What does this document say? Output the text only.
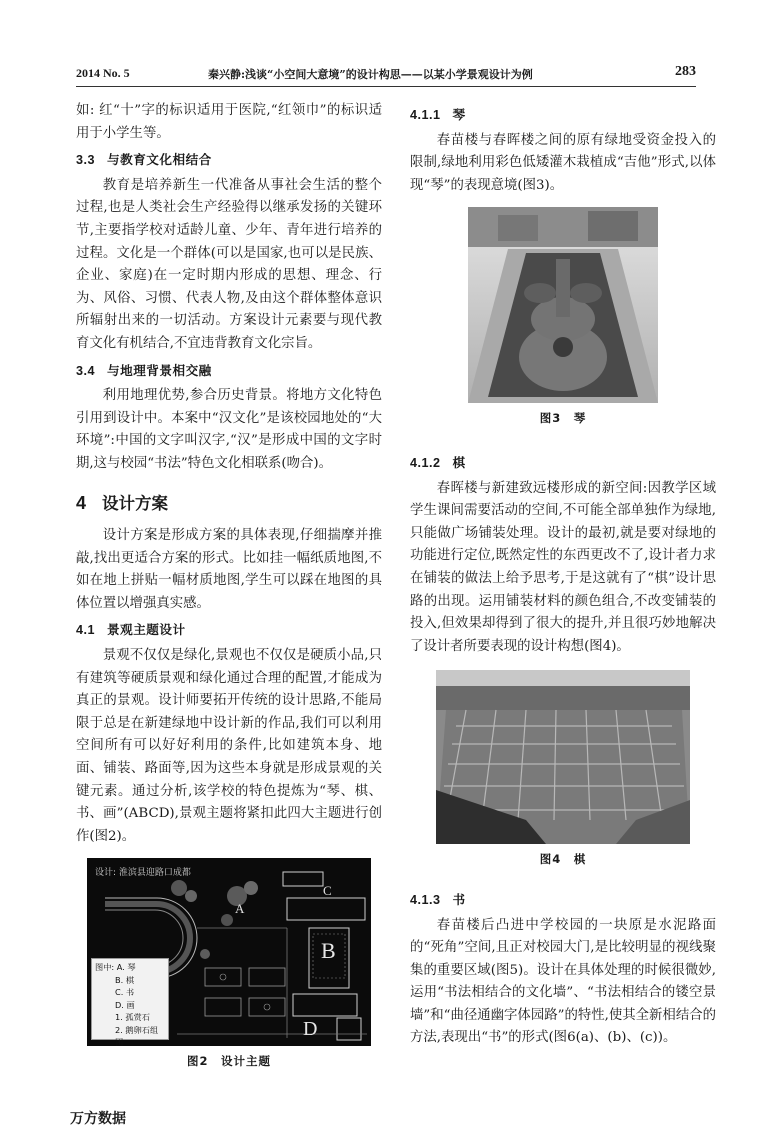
2014 No. 5	秦兴静:浅谈“小空间大意境”的设计构思——以某小学景观设计为例	283

如: 红“十”字的标识适用于医院,“红领巾”的标识适用于小学生等。

3.3 与教育文化相结合

教育是培养新生一代准备从事社会生活的整个过程,也是人类社会生产经验得以继承发扬的关键环节,主要指学校对适龄儿童、少年、青年进行培养的过程。文化是一个群体(可以是国家,也可以是民族、企业、家庭)在一定时期内形成的思想、理念、行为、风俗、习惯、代表人物,及由这个群体整体意识所辐射出来的一切活动。方案设计元素要与现代教育文化有机结合,不宜违背教育文化宗旨。

3.4 与地理背景相交融

利用地理优势,参合历史背景。将地方文化特色引用到设计中。本案中“汉文化”是该校园地处的“大环境”:中国的文字叫汉字,“汉”是形成中国的文字时期,这与校园“书法”特色文化相联系(吻合)。

4 设计方案

设计方案是形成方案的具体表现,仔细揣摩并推敲,找出更适合方案的形式。比如挂一幅纸质地图,不如在地上拼贴一幅材质地图,学生可以踩在地图的具体位置以增强真实感。

4.1 景观主题设计

景观不仅仅是绿化,景观也不仅仅是硬质小品,只有建筑等硬质景观和绿化通过合理的配置,才能成为真正的景观。设计师要拓开传统的设计思路,不能局限于总是在新建绿地中设计新的作品,我们可以利用空间所有可以好好利用的条件,比如建筑本身、地面、铺装、路面等,因为这些本身就是形成景观的关键元素。通过分析,该学校的特色提炼为“琴、棋、书、画”(ABCD),景观主题将紧扣此四大主题进行创作(图2)。

设计: 淮滨县迎路口成都
A
B
C
D
图中: A. 琴
B. 棋
C. 书
D. 画
1. 孤赏石
2. 鹅卵石组团
图2　设计主题
4.1.1 琴

春苗楼与春晖楼之间的原有绿地受资金投入的限制,绿地利用彩色低矮灌木栽植成“吉他”形式,以体现“琴”的表现意境(图3)。

图3　琴
4.1.2 棋

春晖楼与新建致远楼形成的新空间:因教学区域学生课间需要活动的空间,不可能全部单独作为绿地,只能做广场铺装处理。设计的最初,就是要对绿地的功能进行定位,既然定性的东西更改不了,设计者力求在铺装的做法上给予思考,于是这就有了“棋”设计思路的出现。运用铺装材料的颜色组合,不改变铺装的投入,但效果却得到了很大的提升,并且很巧妙地解决了设计者所要表现的设计构想(图4)。

图4　棋
4.1.3 书

春苗楼后凸进中学校园的一块原是水泥路面的“死角”空间,且正对校园大门,是比较明显的视线聚集的重要区域(图5)。设计在具体处理的时候很微妙,运用“书法相结合的文化墙”、“书法相结合的镂空景墙”和“曲径通幽字体园路”的特性,使其全新相结合的方法,表现出“书”的形式(图6(a)、(b)、(c))。

万方数据
